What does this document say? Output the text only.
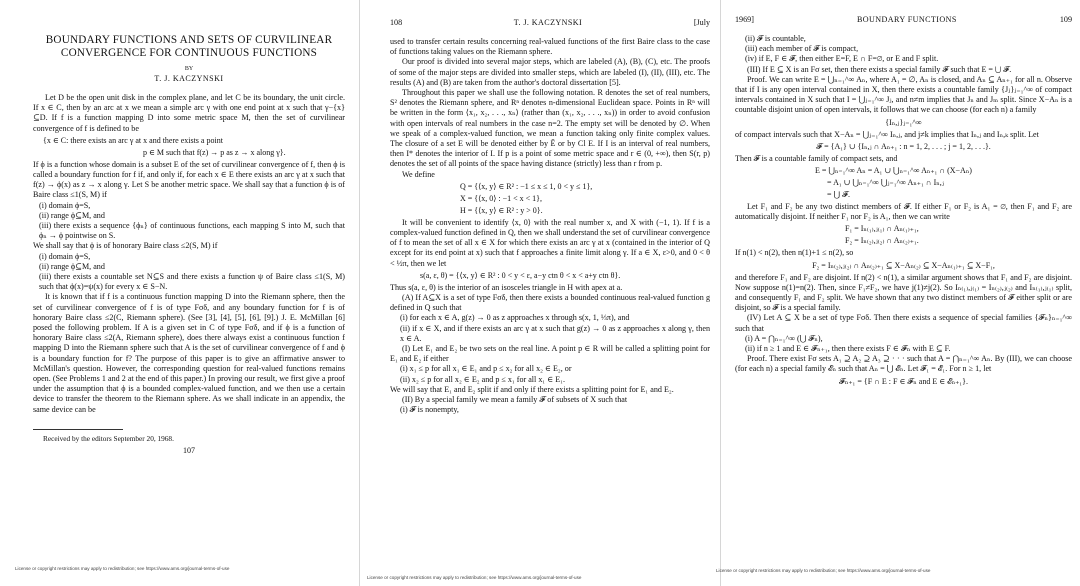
BOUNDARY FUNCTIONS AND SETS OF CURVILINEAR

CONVERGENCE FOR CONTINUOUS FUNCTIONS

BY

T. J. KACZYNSKI

Let D be the open unit disk in the complex plane, and let C be its boundary, the unit circle. If x ∈ C, then by an arc at x we mean a simple arc γ with one end point at x such that γ−{x}⊆D. If f is a function mapping D into some metric space M, then the set of curvilinear convergence of f is defined to be

{x ∈ C: there exists an arc γ at x and there exists a point

p ∈ M such that f(z) → p as z → x along γ}.

If ϕ is a function whose domain is a subset E of the set of curvilinear convergence of f, then ϕ is called a boundary function for f if, and only if, for each x ∈ E there exists an arc γ at x such that f(z) → ϕ(x) as z → x along γ. Let S be another metric space. We shall say that a function ϕ is of Baire class ≤1(S, M) if

(i) domain ϕ=S,

(ii) range ϕ⊆M, and

(iii) there exists a sequence {ϕₙ} of continuous functions, each mapping S into M, such that ϕₙ → ϕ pointwise on S.

We shall say that ϕ is of honorary Baire class ≤2(S, M) if

(i) domain ϕ=S,

(ii) range ϕ⊆M, and

(iii) there exists a countable set N⊆S and there exists a function ψ of Baire class ≤1(S, M) such that ϕ(x)=ψ(x) for every x ∈ S−N.

It is known that if f is a continuous function mapping D into the Riemann sphere, then the set of curvilinear convergence of f is of type Fσδ, and any boundary function for f is of honorary Baire class ≤2(C, Riemann sphere). (See [3], [4], [5], [6], [9].) J. E. McMillan [6] posed the following problem. If A is a given set in C of type Fσδ, and if ϕ is a function of honorary Baire class ≤2(A, Riemann sphere), does there always exist a continuous function f mapping D into the Riemann sphere such that A is the set of curvilinear convergence of f and ϕ is a boundary function for f? The purpose of this paper is to give an affirmative answer to McMillan's question. However, the corresponding question for real-valued functions remains open. (See Problems 1 and 2 at the end of this paper.) In proving our result, we first give a proof under the assumption that ϕ is a bounded complex-valued function, and we then use a certain device to transfer the theorem to the Riemann sphere. As we shall indicate in an appendix, the same device can be

Received by the editors September 20, 1968.

107

License or copyright restrictions may apply to redistribution; see https://www.ams.org/journal-terms-of-use
108	T. J. KACZYNSKI	[July

used to transfer certain results concerning real-valued functions of the first Baire class to the case of functions taking values on the Riemann sphere.

Our proof is divided into several major steps, which are labeled (A), (B), (C), etc. The proofs of some of the major steps are divided into smaller steps, which are labeled (I), (II), (III), etc. The results (A) and (B) are taken from the author's doctoral dissertation [5].

Throughout this paper we shall use the following notation. R denotes the set of real numbers, S² denotes the Riemann sphere, and Rⁿ denotes n-dimensional Euclidean space. Points in Rⁿ will be written in the form ⟨x₁, x₂, . . ., xₙ⟩ (rather than (x₁, x₂, . . ., xₙ)) in order to avoid confusion with open intervals of real numbers in the case n=2. The empty set will be denoted by ∅. When we speak of a complex-valued function, we mean a function taking only finite complex values. The closure of a set E will be denoted either by Ē or by Cl E. If I is an interval of real numbers, then I* denotes the interior of I. If p is a point of some metric space and r ∈ (0, +∞), then S(r, p) denotes the set of all points of the space having distance (strictly) less than r from p.

We define

Q = {⟨x, y⟩ ∈ R² : −1 ≤ x ≤ 1, 0 < y ≤ 1},

X = {⟨x, 0⟩ : −1 < x < 1},

H = {⟨x, y⟩ ∈ R² : y > 0}.

It will be convenient to identify ⟨x, 0⟩ with the real number x, and X with (−1, 1). If f is a complex-valued function defined in Q, then we shall understand the set of curvilinear convergence of f to mean the set of all x ∈ X for which there exists an arc γ at x (contained in the interior of Q except for its end point at x) such that f approaches a finite limit along γ. If a ∈ X, ε>0, and 0 < θ < ½π, then we let

s(a, ε, θ) = {⟨x, y⟩ ∈ R² : 0 < y < ε, a−y ctn θ < x < a+y ctn θ}.

Thus s(a, ε, θ) is the interior of an isosceles triangle in H with apex at a.

(A) If A⊆X is a set of type Fσδ, then there exists a bounded continuous real-valued function g defined in Q such that

(i) for each x ∈ A, g(z) → 0 as z approaches x through s(x, 1, ⅓π), and

(ii) if x ∈ X, and if there exists an arc γ at x such that g(z) → 0 as z approaches x along γ, then x ∈ A.

(I) Let E₁ and E₂ be two sets on the real line. A point p ∈ R will be called a splitting point for E₁ and E₂ if either

(i) x₁ ≤ p for all x₁ ∈ E₁ and p ≤ x₂ for all x₂ ∈ E₂, or

(ii) x₂ ≤ p for all x₂ ∈ E₂ and p ≤ x₁ for all x₁ ∈ E₁.

We will say that E₁ and E₂ split if and only if there exists a splitting point for E₁ and E₂.

(II) By a special family we mean a family 𝓕 of subsets of X such that

(i) 𝓕 is nonempty,

License or copyright restrictions may apply to redistribution; see https://www.ams.org/journal-terms-of-use
1969]	BOUNDARY FUNCTIONS	109

(ii) 𝓕 is countable,

(iii) each member of 𝓕 is compact,

(iv) if E, F ∈ 𝓕, then either E=F, E ∩ F=∅, or E and F split.

(III) If E ⊆ X is an Fσ set, then there exists a special family 𝓕 such that E = ⋃ 𝓕.

Proof. We can write E = ⋃ₙ₌₁^∞ Aₙ, where A₁ = ∅, Aₙ is closed, and Aₙ ⊆ Aₙ₊₁ for all n. Observe that if I is any open interval contained in X, then there exists a countable family {Jⱼ}ⱼ₌₁^∞ of compact intervals contained in X such that I = ⋃ⱼ₌₁^∞ Jⱼ, and n≠m implies that Jₙ and Jₘ split. Since X−Aₙ is a countable disjoint union of open intervals, it follows that we can choose (for each n) a family

{Iₙ,ⱼ}ⱼ₌₁^∞

of compact intervals such that X−Aₙ = ⋃ⱼ₌₁^∞ Iₙ,ⱼ, and j≠k implies that Iₙ,ⱼ and Iₙ,ₖ split. Let

𝓕 = {A₁} ∪ {Iₙ,ⱼ ∩ Aₙ₊₁ : n = 1, 2, . . . ; j = 1, 2, . . .}.

Then 𝓕 is a countable family of compact sets, and

E = ⋃ₙ₌₁^∞ Aₙ = A₁ ∪ ⋃ₙ₌₁^∞ Aₙ₊₁ ∩ (X−Aₙ)

= A₁ ∪ ⋃ₙ₌₁^∞ ⋃ⱼ₌₁^∞ Aₙ₊₁ ∩ Iₙ,ⱼ

= ⋃ 𝓕.

Let F₁ and F₂ be any two distinct members of 𝓕. If either F₁ or F₂ is A₁ = ∅, then F₁ and F₂ are automatically disjoint. If neither F₁ nor F₂ is A₁, then we can write

F₁ = Iₙ₍₁₎,ⱼ₍₁₎ ∩ Aₙ₍₁₎₊₁,

F₂ = Iₙ₍₂₎,ⱼ₍₂₎ ∩ Aₙ₍₂₎₊₁.

If n(1) < n(2), then n(1)+1 ≤ n(2), so

F₂ = Iₙ₍₂₎,ⱼ₍₂₎ ∩ Aₙ₍₂₎₊₁ ⊆ X−Aₙ₍₂₎ ⊆ X−Aₙ₍₁₎₊₁ ⊆ X−F₁,

and therefore F₁ and F₂ are disjoint. If n(2) < n(1), a similar argument shows that F₁ and F₂ are disjoint. Now suppose n(1)=n(2). Then, since F₁≠F₂, we have j(1)≠j(2). So Iₙ₍₁₎,ⱼ₍₁₎ = Iₙ₍₂₎,ⱼ₍₂₎ and Iₙ₍₁₎,ⱼ₍₁₎ split, and consequently F₁ and F₂ split. We have shown that any two distinct members of 𝓕 either split or are disjoint, so 𝓕 is a special family.

(IV) Let A ⊆ X be a set of type Fσδ. Then there exists a sequence of special families {𝓕ₙ}ₙ₌₁^∞ such that

(i) A = ⋂ₙ₌₁^∞ (⋃ 𝓕ₙ),

(ii) if n ≥ 1 and E ∈ 𝓕ₙ₊₁, then there exists F ∈ 𝓕ₙ with E ⊆ F.

Proof. There exist Fσ sets A₁ ⊇ A₂ ⊇ A₃ ⊇ · · · such that A = ⋂ₙ₌₁^∞ Aₙ. By (III), we can choose (for each n) a special family 𝓔ₙ such that Aₙ = ⋃ 𝓔ₙ. Let 𝓕₁ = 𝓔₁. For n ≥ 1, let

𝓕ₙ₊₁ = {F ∩ E : F ∈ 𝓕ₙ and E ∈ 𝓔ₙ₊₁}.

License or copyright restrictions may apply to redistribution; see https://www.ams.org/journal-terms-of-use
